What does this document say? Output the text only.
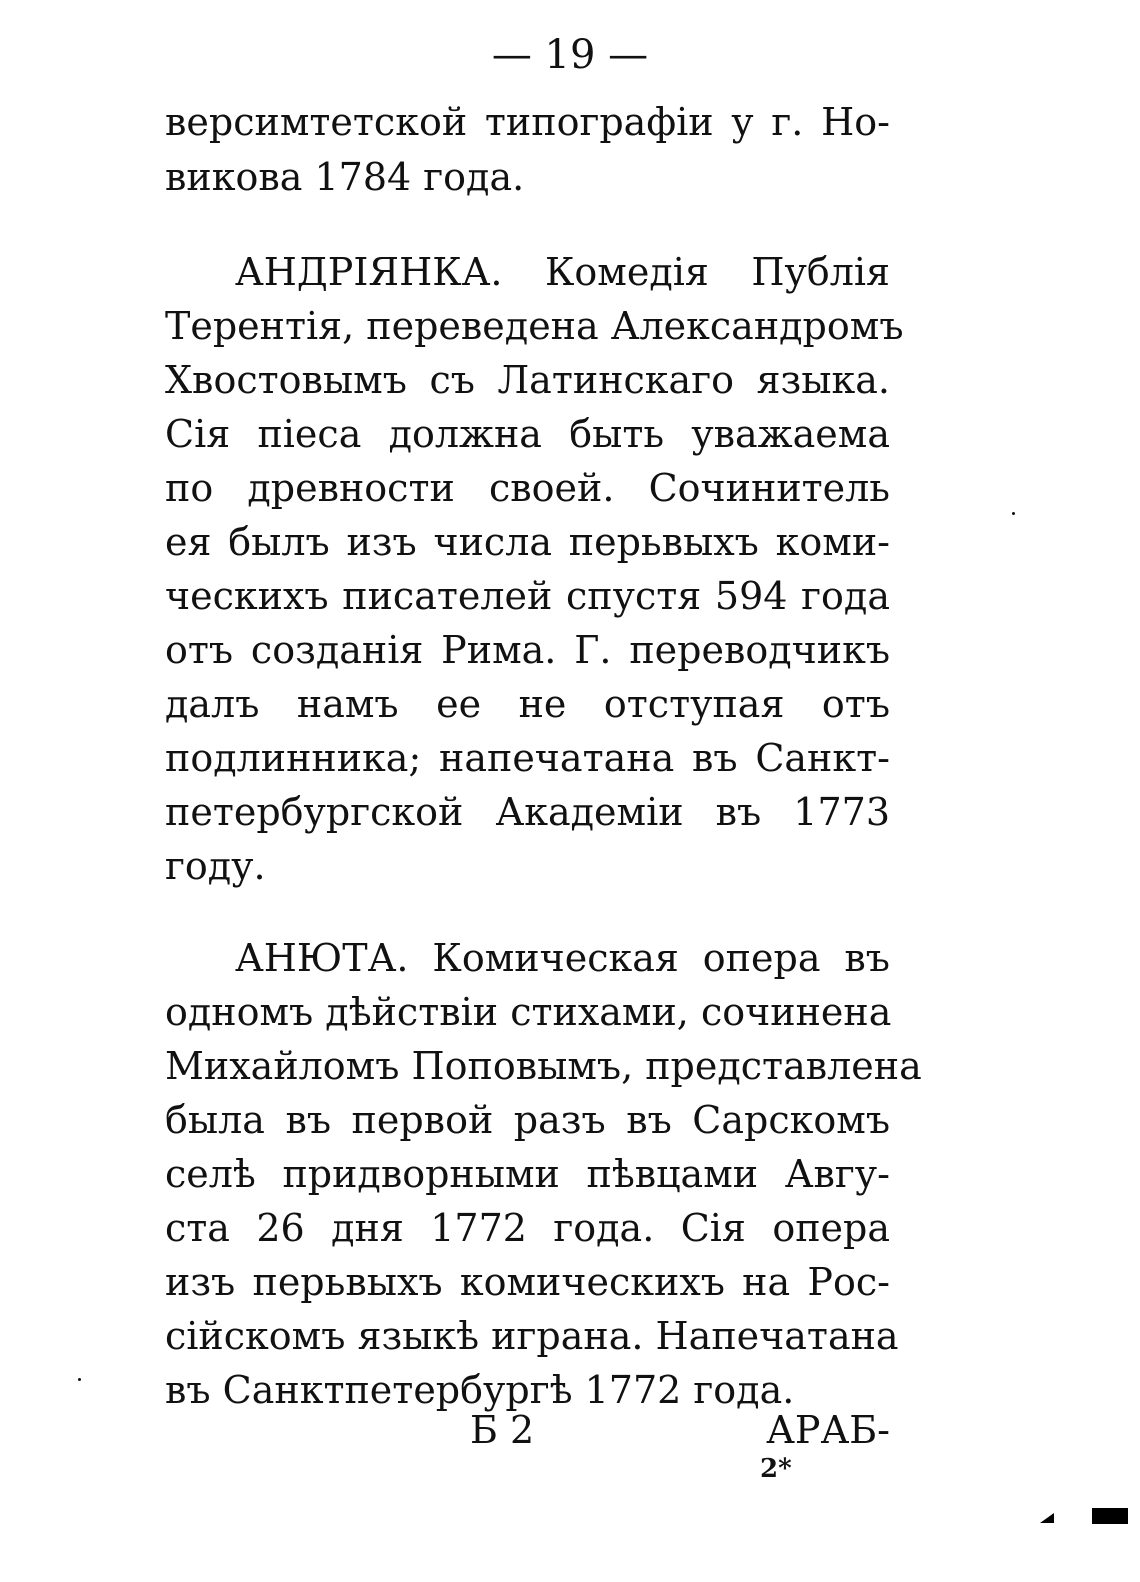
— 19 —
версимтетской типографіи у г. Но-
викова 1784 года.
АНДРІЯНКА. Комедія Публія
Терентія, переведена Александромъ
Хвостовымъ съ Латинскаго языка.
Сія піеса должна быть уважаема
по древности своей. Сочинитель
ея былъ изъ числа перьвыхъ коми-
ческихъ писателей спустя 594 года
отъ созданія Рима. Г. переводчикъ
далъ намъ ее не отступая отъ
подлинника; напечатана въ Санкт-
петербургской Академіи въ 1773
году.
АНЮТА. Комическая опера въ
одномъ дѣйствіи стихами, сочинена
Михайломъ Поповымъ, представлена
была въ первой разъ въ Сарскомъ
селѣ придворными пѣвцами Авгу-
ста 26 дня 1772 года. Сія опера
изъ перьвыхъ комическихъ на Рос-
сійскомъ языкѣ играна. Напечатана
въ Санктпетербургѣ 1772 года.
Б 2	АРАБ-
2*
